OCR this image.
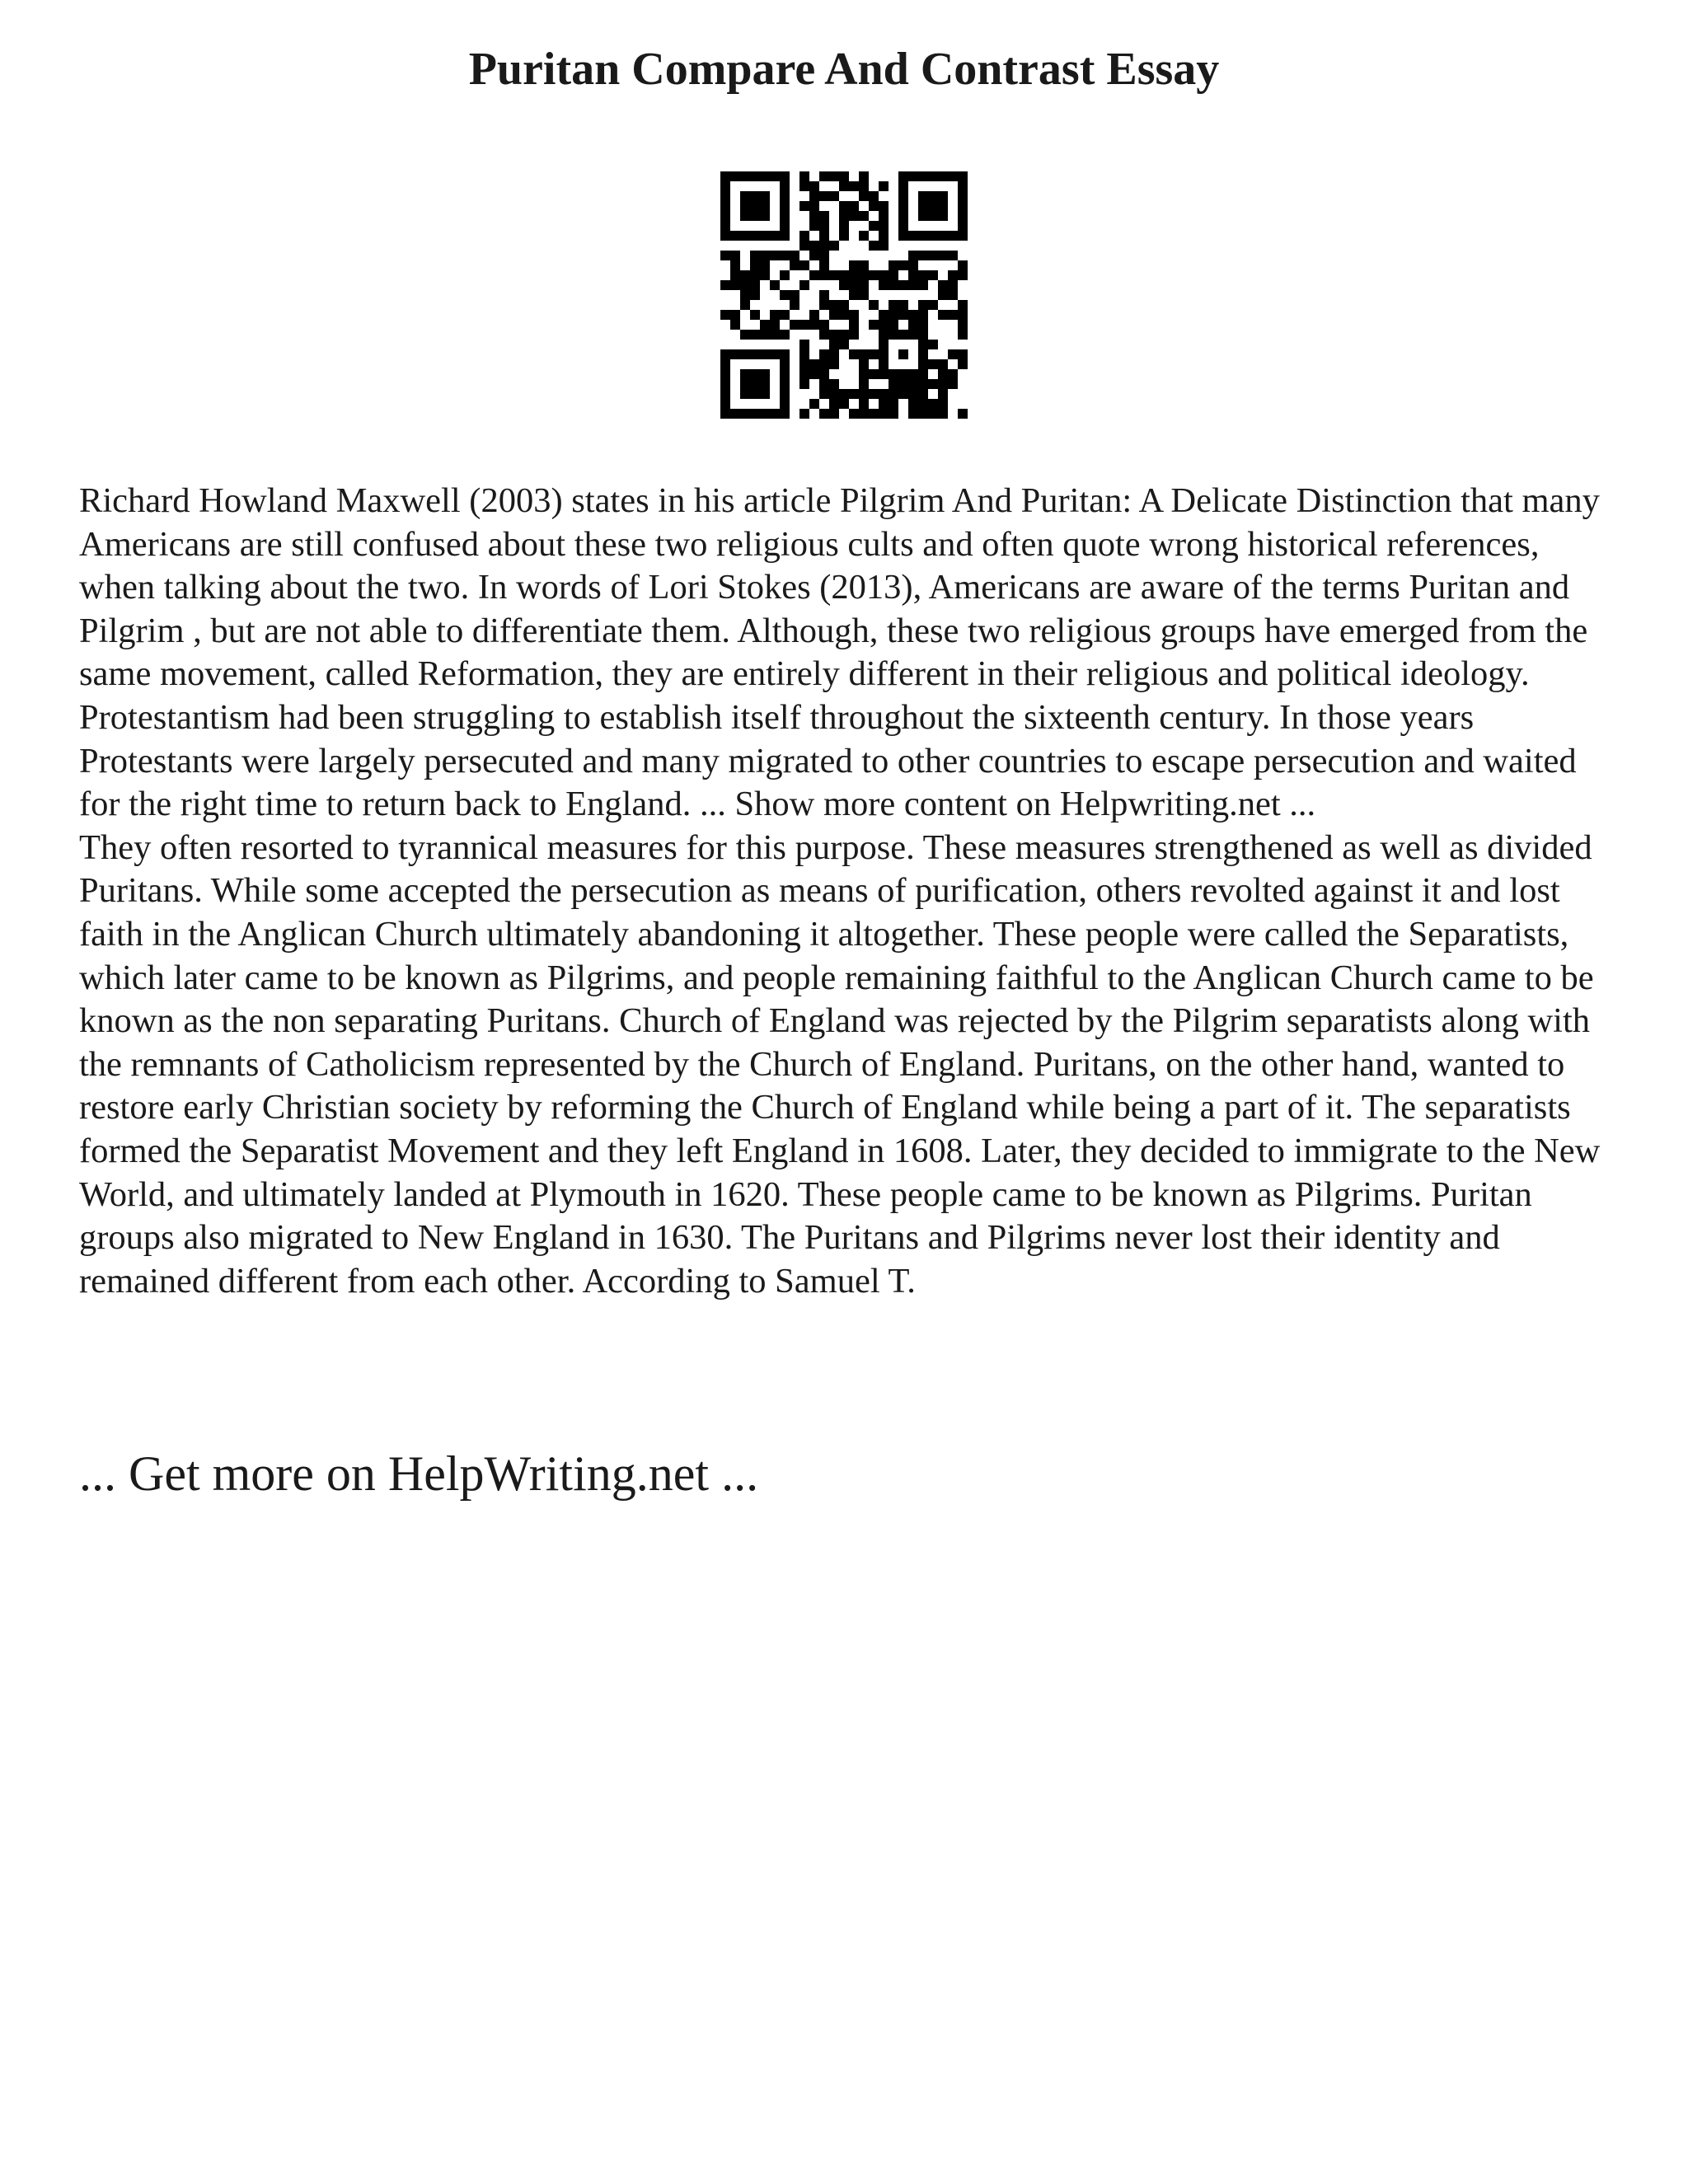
Puritan Compare And Contrast Essay

Richard Howland Maxwell (2003) states in his article Pilgrim And Puritan: A Delicate Distinction that many Americans are still confused about these two religious cults and often quote wrong historical references, when talking about the two. In words of Lori Stokes (2013), Americans are aware of the terms Puritan and Pilgrim , but are not able to differentiate them. Although, these two religious groups have emerged from the same movement, called Reformation, they are entirely different in their religious and political ideology.

Protestantism had been struggling to establish itself throughout the sixteenth century. In those years Protestants were largely persecuted and many migrated to other countries to escape persecution and waited for the right time to return back to England. ... Show more content on Helpwriting.net ...

They often resorted to tyrannical measures for this purpose. These measures strengthened as well as divided Puritans. While some accepted the persecution as means of purification, others revolted against it and lost faith in the Anglican Church ultimately abandoning it altogether. These people were called the Separatists, which later came to be known as Pilgrims, and people remaining faithful to the Anglican Church came to be known as the non separating Puritans. Church of England was rejected by the Pilgrim separatists along with the remnants of Catholicism represented by the Church of England. Puritans, on the other hand, wanted to restore early Christian society by reforming the Church of England while being a part of it. The separatists formed the Separatist Movement and they left England in 1608. Later, they decided to immigrate to the New World, and ultimately landed at Plymouth in 1620. These people came to be known as Pilgrims. Puritan groups also migrated to New England in 1630. The Puritans and Pilgrims never lost their identity and remained different from each other. According to Samuel T.

... Get more on HelpWriting.net ...
